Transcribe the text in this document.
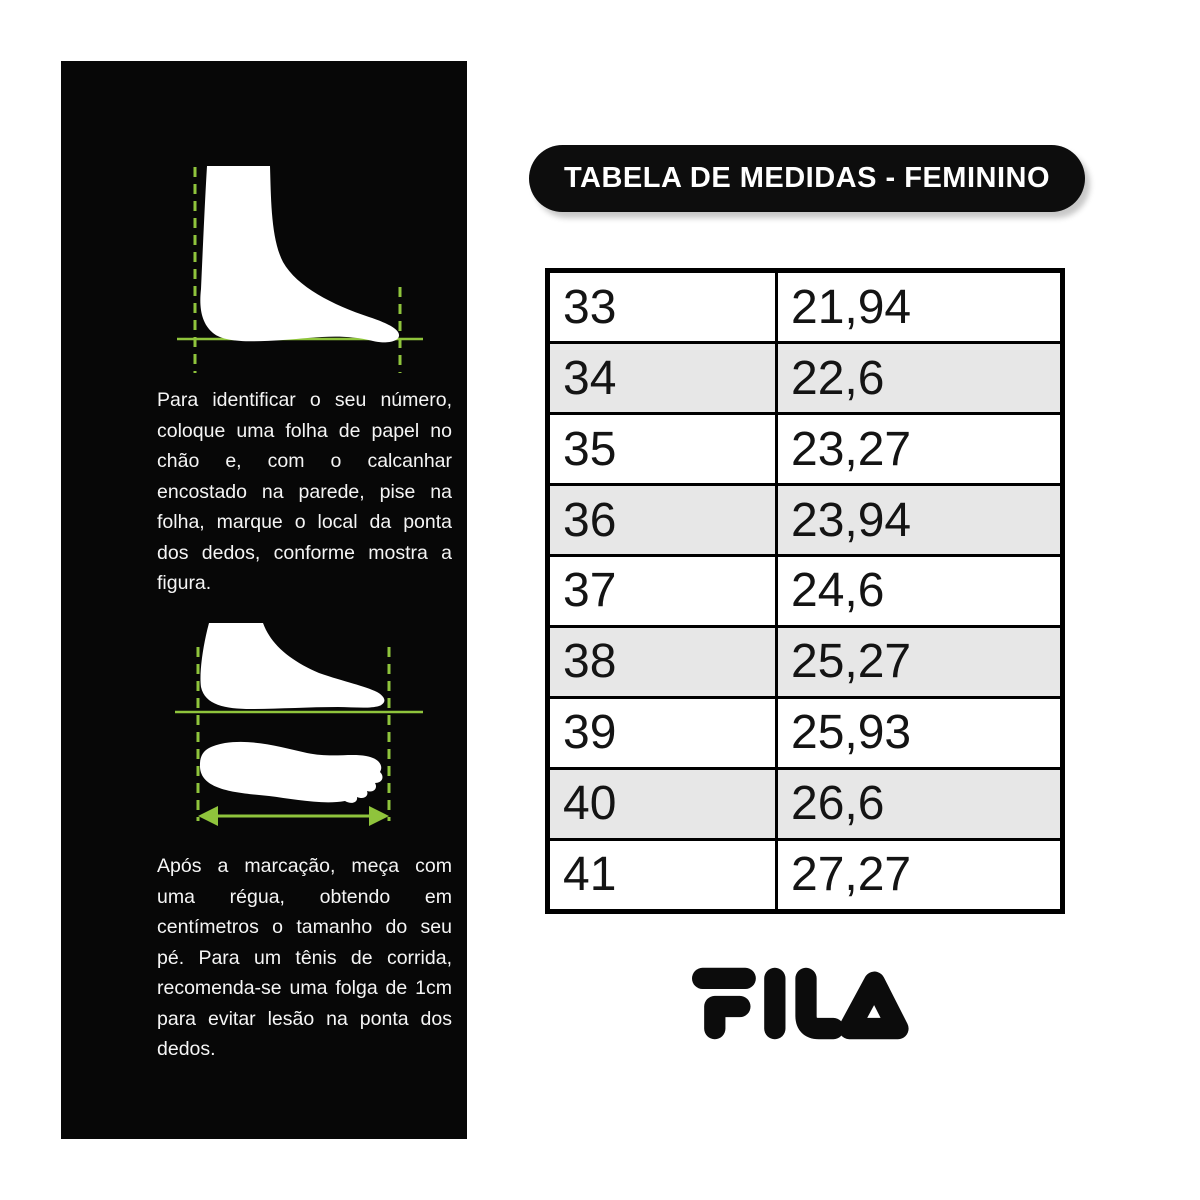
Para identificar o seu número, coloque uma folha de papel no chão e, com o calcanhar encostado na parede, pise na folha, marque o local da ponta dos dedos, conforme mostra a figura.

Após a marcação, meça com uma régua, obtendo em centímetros o tamanho do seu pé. Para um tênis de corrida, recomenda-se uma folga de 1cm para evitar lesão na ponta dos dedos.

TABELA DE MEDIDAS - FEMININO
33	21,94
34	22,6
35	23,27
36	23,94
37	24,6
38	25,27
39	25,93
40	26,6
41	27,27
